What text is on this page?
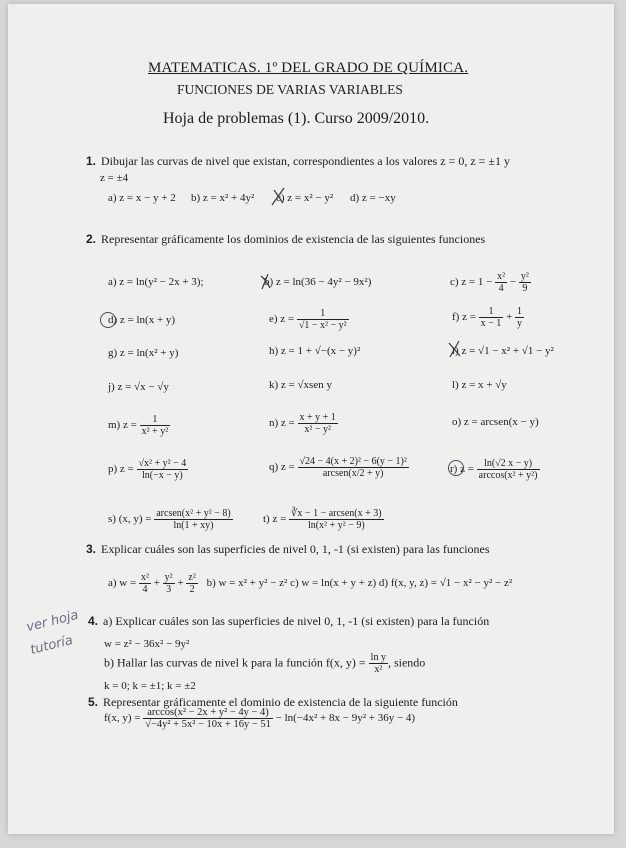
MATEMATICAS. 1º DEL GRADO DE QUÍMICA.
FUNCIONES DE VARIAS VARIABLES
Hoja de problemas (1). Curso 2009/2010.
1. Dibujar las curvas de nivel que existan, correspondientes a los valores z = 0, z = ±1 y
z = ±4
a) z = x − y + 2 b) z = x² + 4y² c) z = x² − y² d) z = −xy
2. Representar gráficamente los dominios de existencia de las siguientes funciones
a) z = ln(y² − 2x + 3);	b) z = ln(36 − 4y² − 9x²)	c) $z = 1 - \frac{\text{x²}}{4} - \frac{\text{y²}}{9}$
d) z = ln(x + y)	e) $z = \frac{1}{\text{√1 − x² − y²}}$	f) $z = \frac{1}{x - 1} + \frac{1}{y}$
g) z = ln(x² + y)	h) z = 1 + √−(x − y)²	i) z = √1 − x² + √1 − y²
j) z = √x − √y	k) z = √xsen y	l) z = x + √y
m) $z = \frac{1}{\text{x² + y²}}$	n) $z = \frac{x + y + 1}{\text{x² − y²}}$	o) z = arcsen(x − y)
p) $z = \frac{\text{√x² + y² − 4}}{\ln(-x - y)}$	q) $z = \frac{\text{√24 − 4(x + 2)² − 6(y − 1)²}}{\text{arcsen(x/2 + y)}}$	r) $z = \frac{\ln(√2 x - y)}{\text{arccos(x² + y²)}}$
s) (x, $y) = \frac{\text{arcsen(x² + y² − 8)}}{\ln(1 + xy)}$	t) $z = \frac{\text{∛x − 1 − arcsen(x + 3)}}{\text{ln(x² + y² − 9)}}$
3. Explicar cuáles son las superficies de nivel 0, 1, -1 (si existen) para las funciones
a) $w = \frac{\text{x²}}{4} + \frac{\text{y²}}{3} + \frac{\text{z²}}{2} b$) w = x² + y² − z² c) w = ln(x + y + z) d) f(x, y, z) = √1 − x² − y² − z²
4. a) Explicar cuáles son las superficies de nivel 0, 1, -1 (si existen) para la función
w = z² − 36x² − 9y²
b) Hallar las curvas de nivel k para la función f(x, $y) = \frac{\text{ln y}}{\text{x²}}$ , siendo
k = 0; k = ±1; k = ±2
5. Representar gráficamente el dominio de existencia de la siguiente función
f(x, $y) = \frac{\text{arccos(x² − 2x + y² − 4y − 4)}}{\text{√−4y² + 5x² − 10x + 16y − 51}} - \ln(-4x^2 + 8x - 9y^2 + 36y - 4)$
ver hoja
tutoría
